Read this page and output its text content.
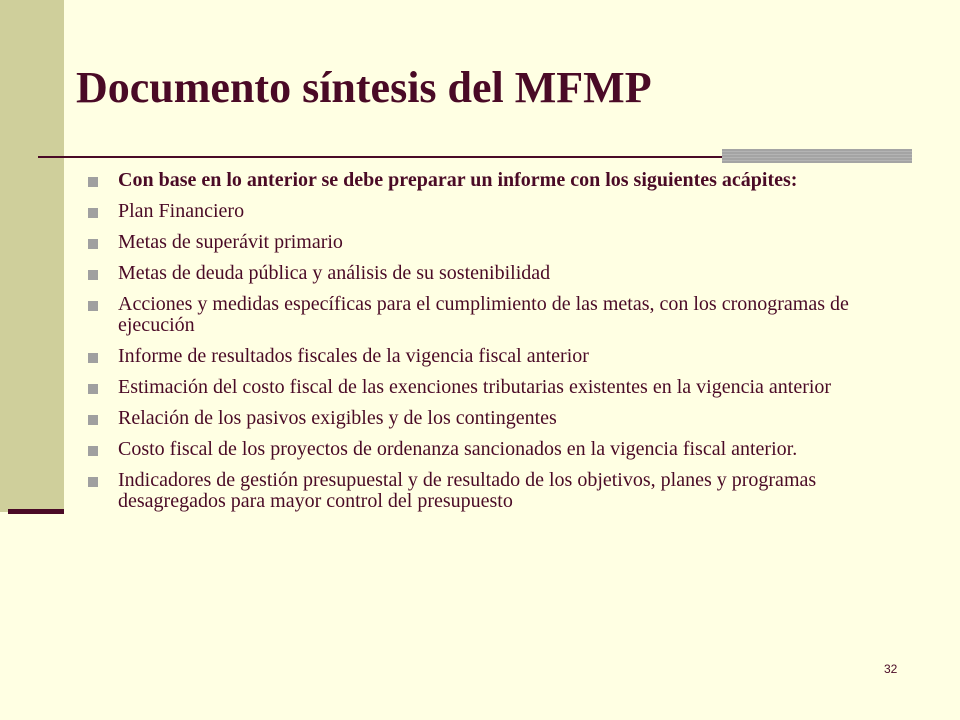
Documento síntesis del MFMP
Con base en lo anterior se debe preparar un informe con los siguientes acápites:
Plan Financiero
Metas de superávit primario
Metas de deuda pública y análisis de su sostenibilidad
Acciones y medidas específicas para el cumplimiento de las metas, con los cronogramas de ejecución
Informe de resultados fiscales de la vigencia fiscal anterior
Estimación del costo fiscal de las exenciones tributarias existentes en la vigencia anterior
Relación de los pasivos exigibles y de los contingentes
Costo fiscal de los proyectos de ordenanza sancionados en la vigencia fiscal anterior.
Indicadores de gestión presupuestal y de resultado de los objetivos, planes y programas desagregados para mayor control del presupuesto
32
